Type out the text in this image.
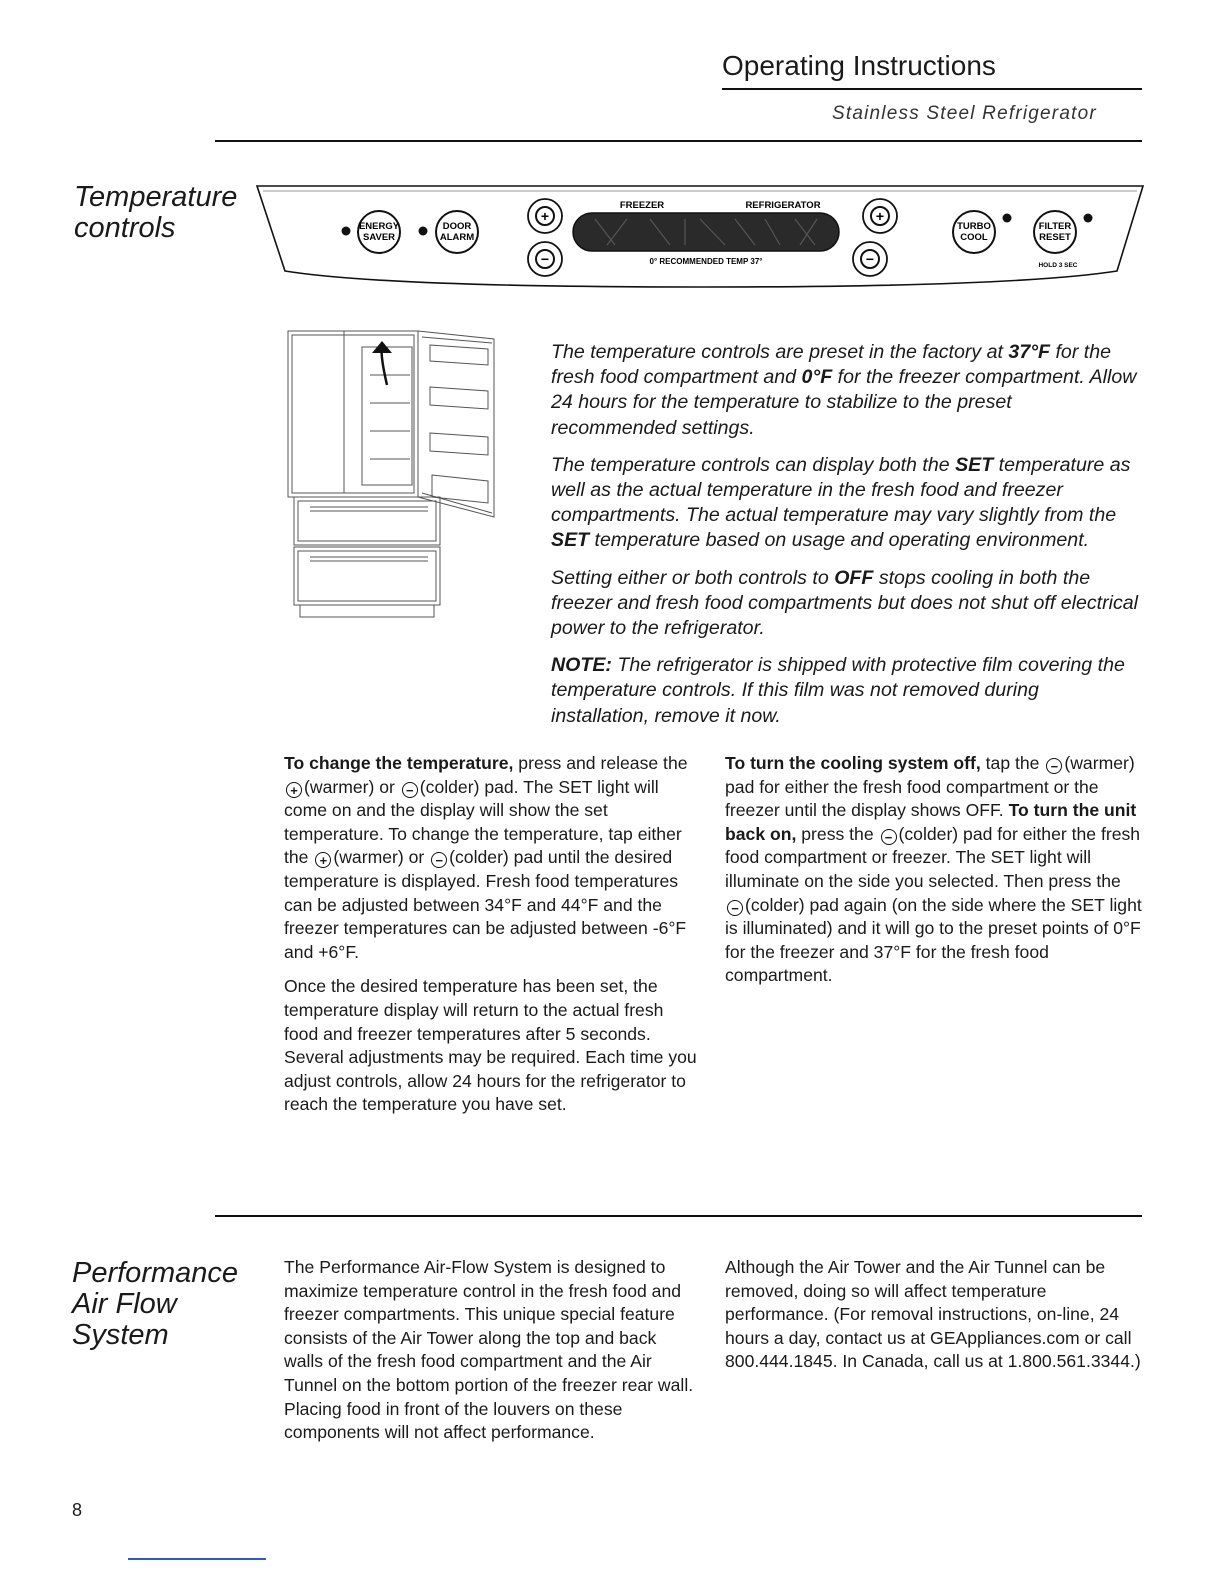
Operating Instructions
Stainless Steel Refrigerator
Temperature
controls	ENERGY
SAVER
DOOR
ALARM
+
−
FREEZER	REFRIGERATOR
0° RECOMMENDED TEMP 37°
+
−
TURBO
COOL
FILTER
RESET
HOLD 3 SEC

The temperature controls are preset in the factory at 37°F for the fresh food compartment and 0°F for the freezer compartment. Allow 24 hours for the temperature to stabilize to the preset recommended settings.

The temperature controls can display both the SET temperature as well as the actual temperature in the fresh food and freezer compartments. The actual temperature may vary slightly from the SET temperature based on usage and operating environment.

Setting either or both controls to OFF stops cooling in both the freezer and fresh food compartments but does not shut off electrical power to the refrigerator.

NOTE: The refrigerator is shipped with protective film covering the temperature controls. If this film was not removed during installation, remove it now.

To change the temperature, press and release the + (warmer) or − (colder) pad. The SET light will come on and the display will show the set temperature. To change the temperature, tap either the + (warmer) or − (colder) pad until the desired temperature is displayed. Fresh food temperatures can be adjusted between 34°F and 44°F and the freezer temperatures can be adjusted between -6°F and +6°F.

Once the desired temperature has been set, the temperature display will return to the actual fresh food and freezer temperatures after 5 seconds. Several adjustments may be required. Each time you adjust controls, allow 24 hours for the refrigerator to reach the temperature you have set.

To turn the cooling system off, tap the − (warmer) pad for either the fresh food compartment or the freezer until the display shows OFF. To turn the unit back on, press the − (colder) pad for either the fresh food compartment or freezer. The SET light will illuminate on the side you selected. Then press the − (colder) pad again (on the side where the SET light is illuminated) and it will go to the preset points of 0°F for the freezer and 37°F for the fresh food compartment.

Performance
Air Flow
System
The Performance Air-Flow System is designed to maximize temperature control in the fresh food and freezer compartments. This unique special feature consists of the Air Tower along the top and back walls of the fresh food compartment and the Air Tunnel on the bottom portion of the freezer rear wall. Placing food in front of the louvers on these components will not affect performance.
Although the Air Tower and the Air Tunnel can be removed, doing so will affect temperature performance. (For removal instructions, on-line, 24 hours a day, contact us at GEAppliances.com or call 800.444.1845. In Canada, call us at 1.800.561.3344.)
8
